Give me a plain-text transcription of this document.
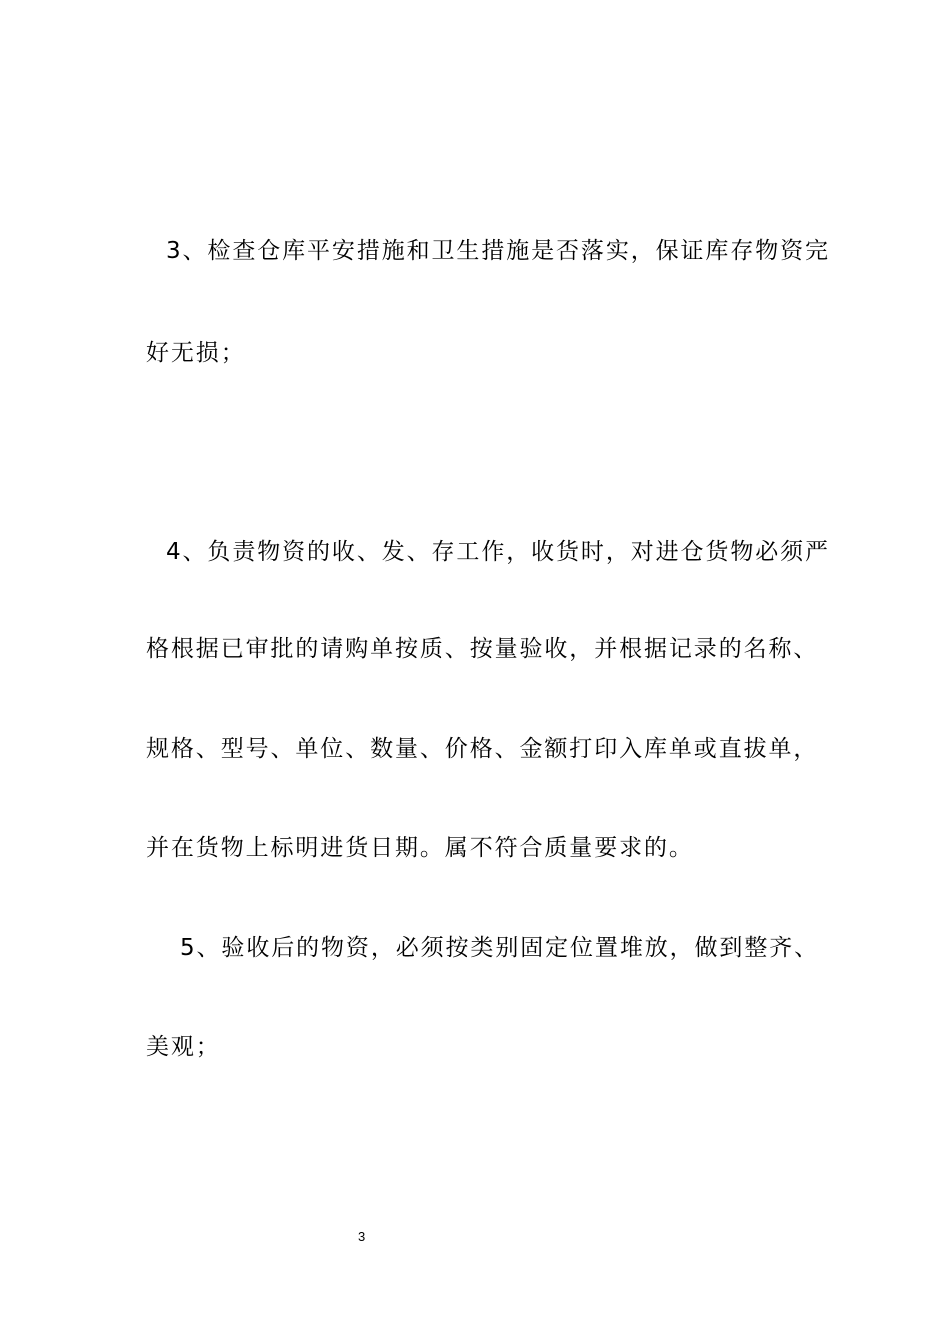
3、检查仓库平安措施和卫生措施是否落实，保证库存物资完
好无损；
4、负责物资的收、发、存工作，收货时，对进仓货物必须严
格根据已审批的请购单按质、按量验收，并根据记录的名称、
规格、型号、单位、数量、价格、金额打印入库单或直拔单，
并在货物上标明进货日期。属不符合质量要求的。
5、验收后的物资，必须按类别固定位置堆放，做到整齐、
美观；
3
